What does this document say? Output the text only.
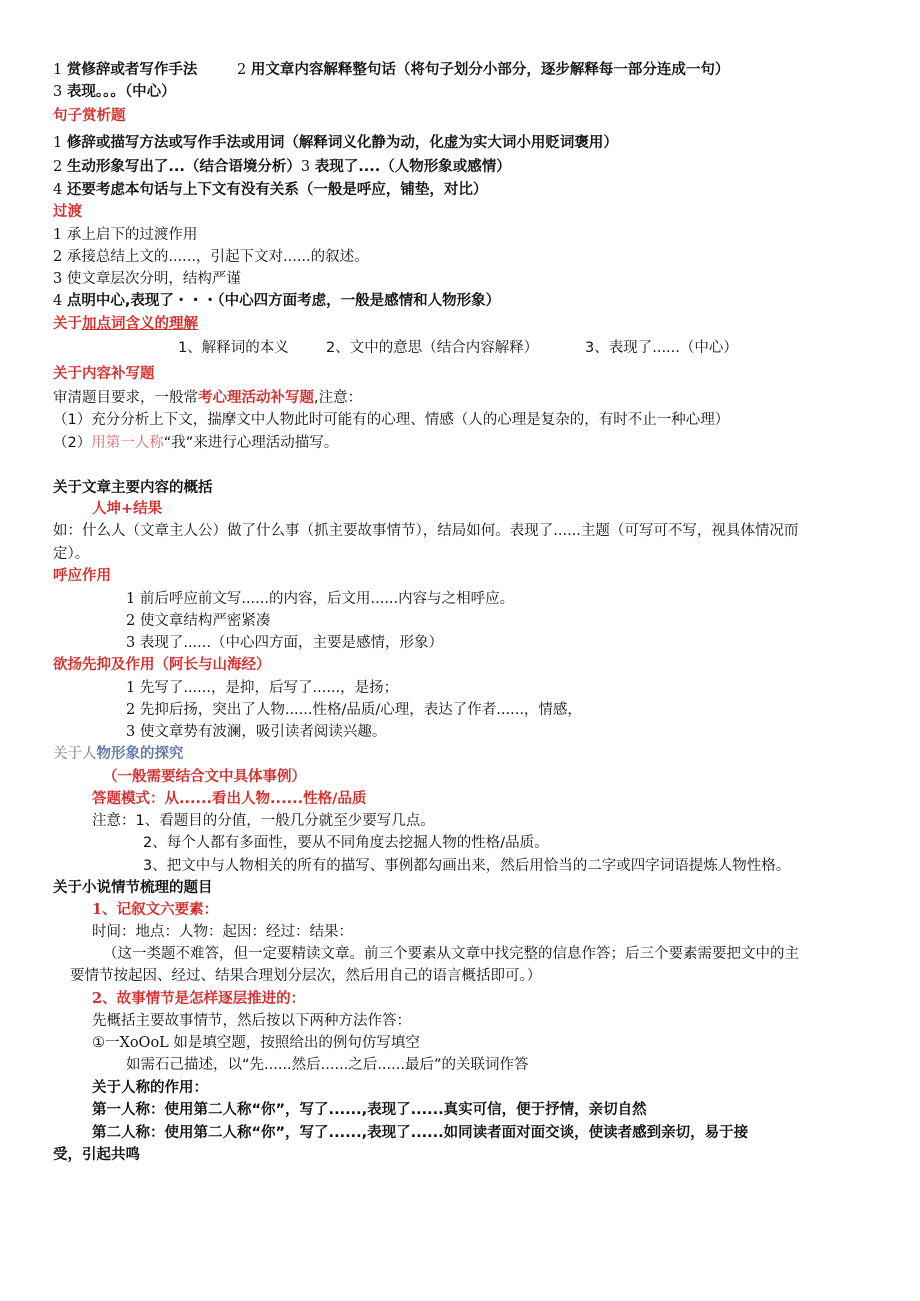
1 赏修辞或者写作手法	2 用文章内容解释整句话（将句子划分小部分，逐步解释每一部分连成一句）
3 表现。。。（中心）
句子赏析题
1 修辞或描写方法或写作手法或用词（解释词义化静为动，化虚为实大词小用贬词褒用）
2 生动形象写出了...（结合语境分析）3 表现了....（人物形象或感情）
4 还要考虑本句话与上下文有没有关系（一般是呼应，铺垫，对比）
过渡
1 承上启下的过渡作用
2 承接总结上文的......，引起下文对......的叙述。
3 使文章层次分明，结构严谨
4 点明中心,表现了・・・（中心四方面考虑，一般是感情和人物形象）
关于加点词含义的理解
1、解释词的本义	2、文中的意思（结合内容解释）	3、表现了......（中心）
关于内容补写题
审清题目要求，一般常考心理活动补写题,注意：
（1）充分分析上下文，揣摩文中人物此时可能有的心理、情感（人的心理是复杂的，有时不止一种心理）
（2）用第一人称“我”来进行心理活动描写。
关于文章主要内容的概括
人坤+结果
如：什么人（文章主人公）做了什么事（抓主要故事情节），结局如何。表现了......主题（可写可不写，视具体情况而
定）。
呼应作用
1 前后呼应前文写......的内容，后文用......内容与之相呼应。
2 使文章结构严密紧凑
3 表现了......（中心四方面，主要是感情，形象）
欲扬先抑及作用（阿长与山海经）
1 先写了......，是抑，后写了......，是扬；
2 先抑后扬，突出了人物......性格/品质/心理，表达了作者......，情感，
3 使文章势有波澜，吸引读者阅读兴趣。
关于人物形象的探究
（一般需要结合文中具体事例）
答题模式：从......看出人物......性格/品质
注意：1、看题目的分值，一般几分就至少要写几点。
2、每个人都有多面性，要从不同角度去挖掘人物的性格/品质。
3、把文中与人物相关的所有的描写、事例都勾画出来，然后用恰当的二字或四字词语提炼人物性格。
关于小说情节梳理的题目
1、记叙文六要素：
时间：地点：人物：起因：经过：结果：
（这一类题不难答，但一定要精读文章。前三个要素从文章中找完整的信息作答；后三个要素需要把文中的主
要情节按起因、经过、结果合理划分层次，然后用自己的语言概括即可。）
2、故事情节是怎样逐层推进的：
先概括主要故事情节，然后按以下两种方法作答：
①一XoOoL 如是填空题，按照给出的例句仿写填空
如需石己描述，以“先......然后......之后......最后”的关联词作答
关于人称的作用：
第一人称：使用第二人称“你”，写了......,表现了......真实可信，便于抒情，亲切自然
第二人称：使用第二人称“你”，写了......,表现了......如同读者面对面交谈，使读者感到亲切，易于接
受，引起共鸣
